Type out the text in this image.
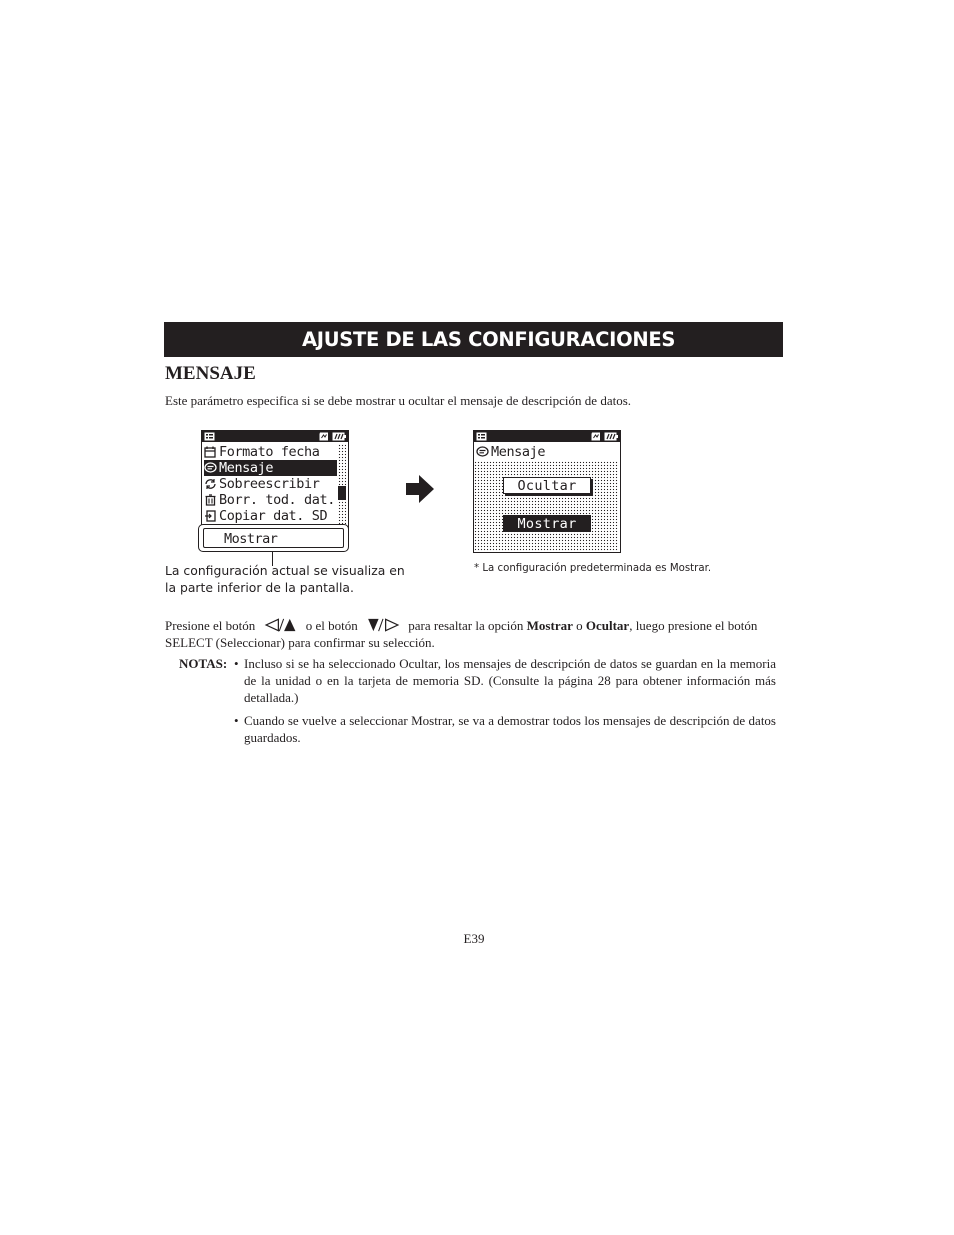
AJUSTE DE LAS CONFIGURACIONES
MENSAJE
Este parámetro especifica si se debe mostrar u ocultar el mensaje de descripción de datos.
Formato fecha
Mensaje
Sobreescribir
Borr. tod. dat.
Copiar dat. SD
Mostrar
Mensaje
Ocultar
Mostrar
La configuración actual se visualiza en la parte inferior de la pantalla.
* La configuración predeterminada es Mostrar.
Presione el botón	o el botón	para resaltar la opción Mostrar o Ocultar, luego presione el botón SELECT (Seleccionar) para confirmar su selección.
NOTAS: • Incluso si se ha seleccionado Ocultar, los mensajes de descripción de datos se guardan en la memoria de la unidad o en la tarjeta de memoria SD. (Consulte la página 28 para obtener información más detallada.)
• Cuando se vuelve a seleccionar Mostrar, se va a demostrar todos los mensajes de descripción de datos guardados.
E39
